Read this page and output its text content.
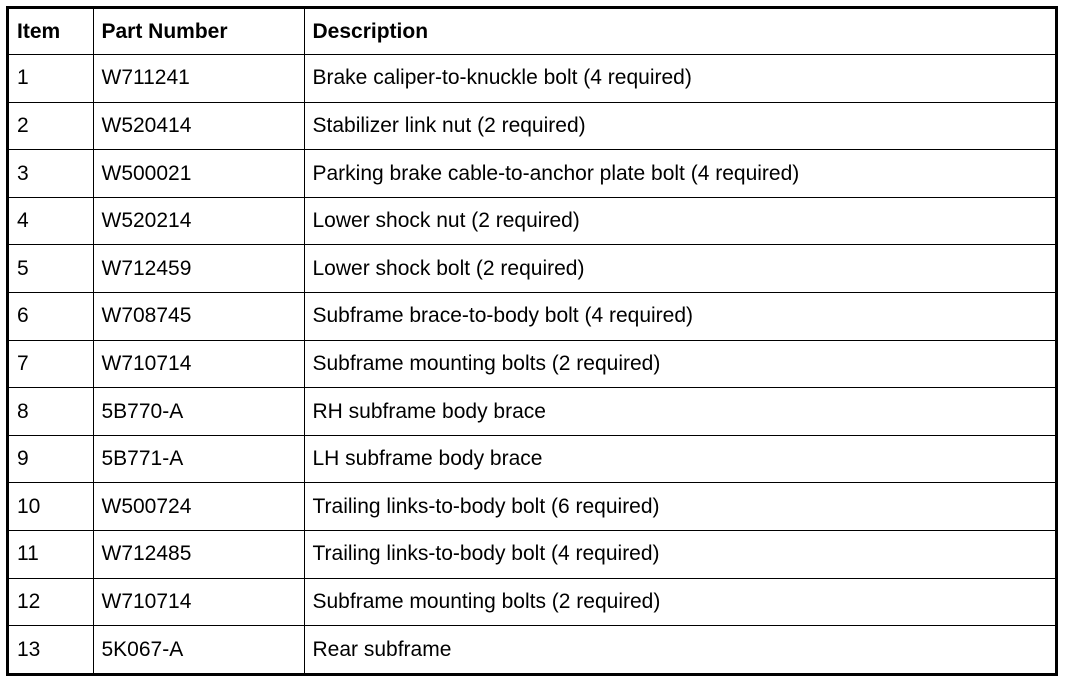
Item	Part Number	Description
1	W711241	Brake caliper-to-knuckle bolt (4 required)
2	W520414	Stabilizer link nut (2 required)
3	W500021	Parking brake cable-to-anchor plate bolt (4 required)
4	W520214	Lower shock nut (2 required)
5	W712459	Lower shock bolt (2 required)
6	W708745	Subframe brace-to-body bolt (4 required)
7	W710714	Subframe mounting bolts (2 required)
8	5B770-A	RH subframe body brace
9	5B771-A	LH subframe body brace
10	W500724	Trailing links-to-body bolt (6 required)
11	W712485	Trailing links-to-body bolt (4 required)
12	W710714	Subframe mounting bolts (2 required)
13	5K067-A	Rear subframe
